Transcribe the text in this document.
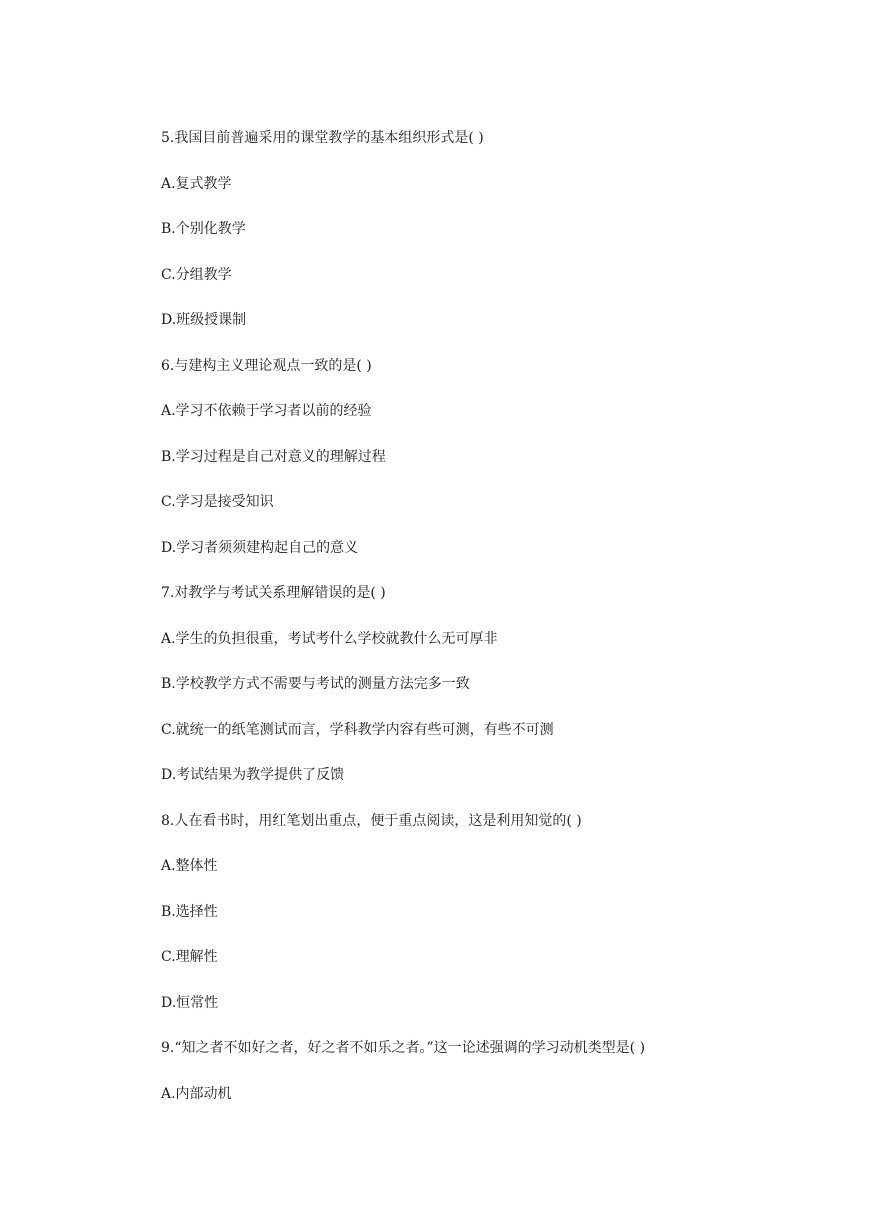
5.我国目前普遍采用的课堂教学的基本组织形式是( )
A.复式教学
B.个别化教学
C.分组教学
D.班级授课制
6.与建构主义理论观点一致的是( )
A.学习不依赖于学习者以前的经验
B.学习过程是自己对意义的理解过程
C.学习是接受知识
D.学习者须须建构起自己的意义
7.对教学与考试关系理解错误的是( )
A.学生的负担很重，考试考什么学校就教什么无可厚非
B.学校教学方式不需要与考试的测量方法完多一致
C.就统一的纸笔测试而言，学科教学内容有些可测，有些不可测
D.考试结果为教学提供了反馈
8.人在看书时，用红笔划出重点，便于重点阅读，这是利用知觉的( )
A.整体性
B.选择性
C.理解性
D.恒常性
9.“知之者不如好之者，好之者不如乐之者。”这一论述强调的学习动机类型是( )
A.内部动机
